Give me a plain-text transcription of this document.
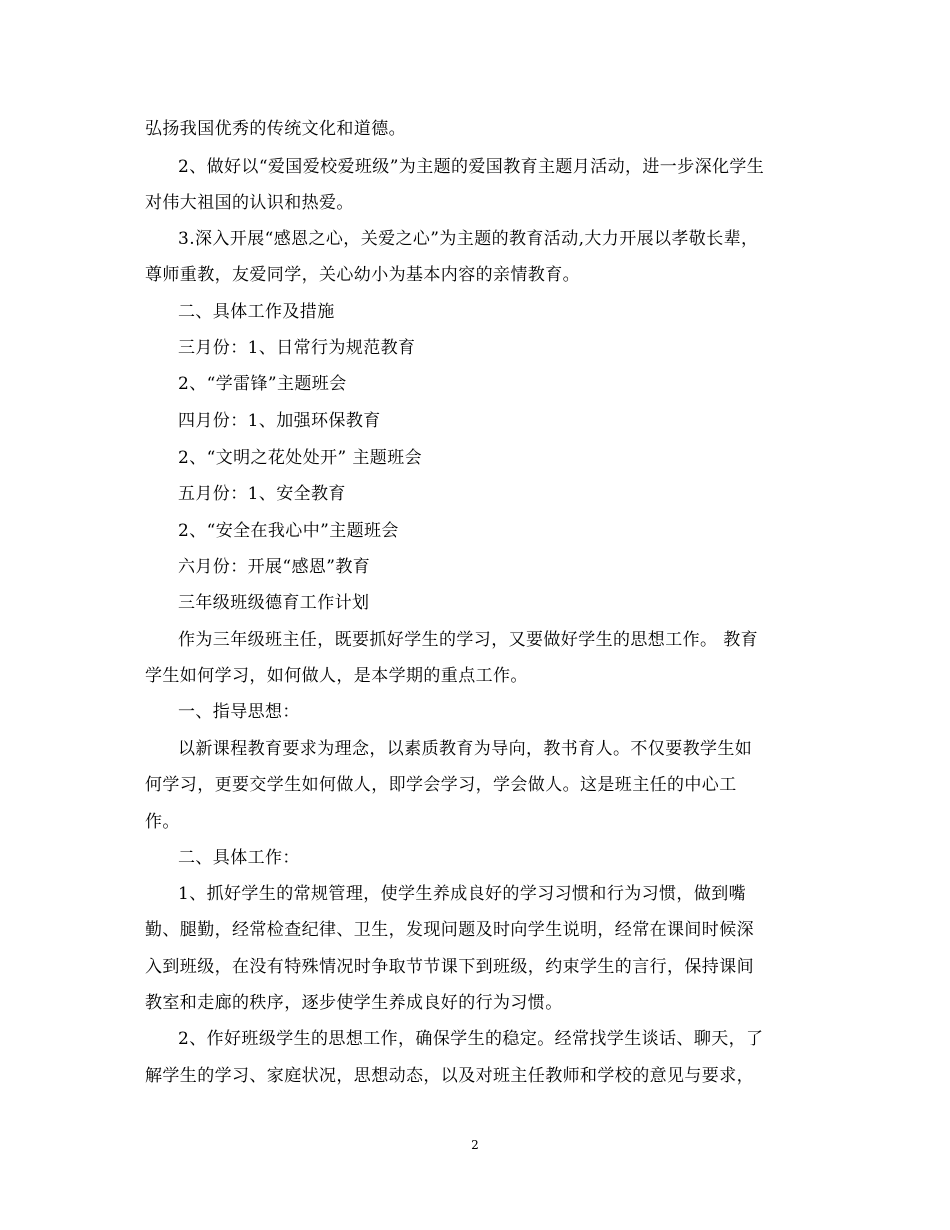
弘扬我国优秀的传统文化和道德。
2、做好以“爱国爱校爱班级”为主题的爱国教育主题月活动，进一步深化学生
对伟大祖国的认识和热爱。
3.深入开展“感恩之心，关爱之心”为主题的教育活动,大力开展以孝敬长辈，
尊师重教，友爱同学，关心幼小为基本内容的亲情教育。
二、具体工作及措施
三月份：1、日常行为规范教育
2、“学雷锋”主题班会
四月份：1、加强环保教育
2、“文明之花处处开” 主题班会
五月份：1、安全教育
2、“安全在我心中”主题班会
六月份：开展“感恩”教育
三年级班级德育工作计划
作为三年级班主任，既要抓好学生的学习，又要做好学生的思想工作。 教育
学生如何学习，如何做人，是本学期的重点工作。
一、指导思想：
以新课程教育要求为理念，以素质教育为导向，教书育人。不仅要教学生如
何学习，更要交学生如何做人，即学会学习，学会做人。这是班主任的中心工
作。
二、具体工作：
1、抓好学生的常规管理，使学生养成良好的学习习惯和行为习惯，做到嘴
勤、腿勤，经常检查纪律、卫生，发现问题及时向学生说明，经常在课间时候深
入到班级，在没有特殊情况时争取节节课下到班级，约束学生的言行，保持课间
教室和走廊的秩序，逐步使学生养成良好的行为习惯。
2、作好班级学生的思想工作，确保学生的稳定。经常找学生谈话、聊天，了
解学生的学习、家庭状况，思想动态，以及对班主任教师和学校的意见与要求，
2
